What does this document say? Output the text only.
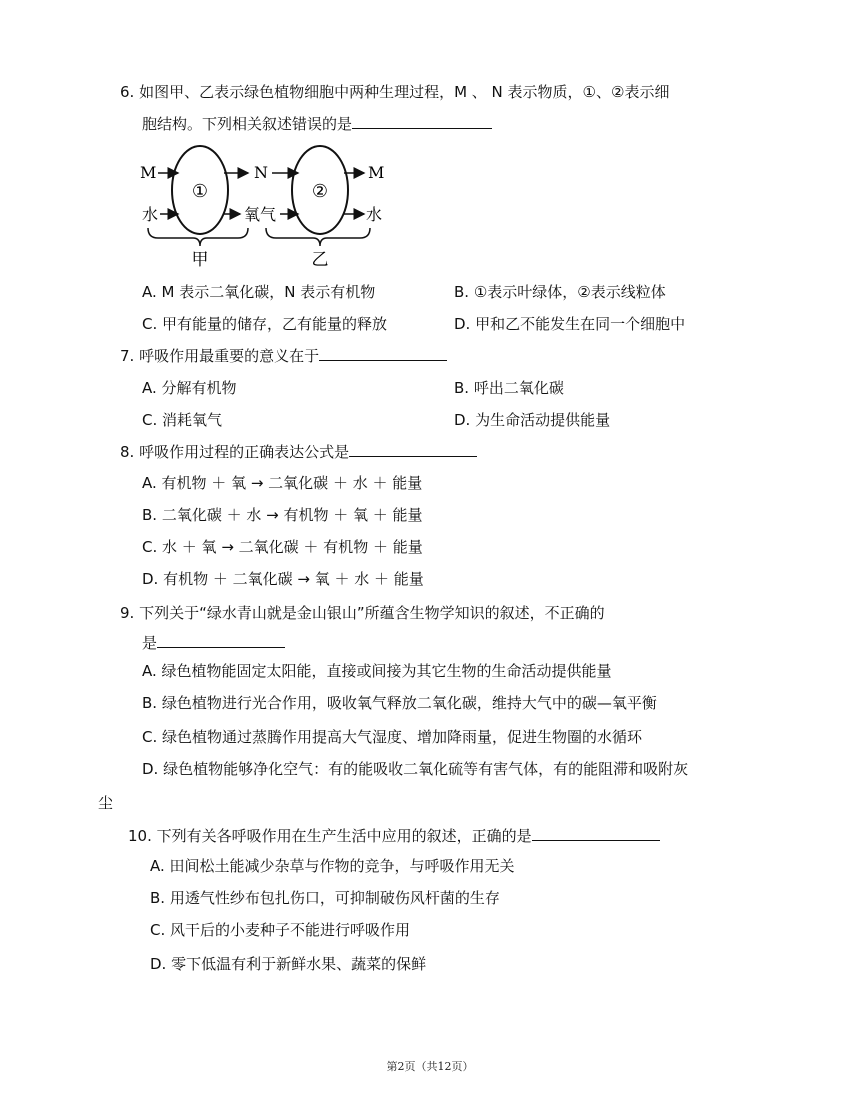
6. 如图甲、乙表示绿色植物细胞中两种生理过程，M 、 N 表示物质，①、②表示细
胞结构。下列相关叙述错误的是
①	②
M
水
N
氧气
M
水
甲	乙
A. M 表示二氧化碳，N 表示有机物	B. ①表示叶绿体，②表示线粒体
C. 甲有能量的储存，乙有能量的释放	D. 甲和乙不能发生在同一个细胞中
7. 呼吸作用最重要的意义在于
A. 分解有机物	B. 呼出二氧化碳
C. 消耗氧气	D. 为生命活动提供能量
8. 呼吸作用过程的正确表达公式是
A. 有机物 ＋ 氧 → 二氧化碳 ＋ 水 ＋ 能量
B. 二氧化碳 ＋ 水 → 有机物 ＋ 氧 ＋ 能量
C. 水 ＋ 氧 → 二氧化碳 ＋ 有机物 ＋ 能量
D. 有机物 ＋ 二氧化碳 → 氧 ＋ 水 ＋ 能量
9. 下列关于“绿水青山就是金山银山”所蕴含生物学知识的叙述，不正确的
是
A. 绿色植物能固定太阳能，直接或间接为其它生物的生命活动提供能量
B. 绿色植物进行光合作用，吸收氧气释放二氧化碳，维持大气中的碳—氧平衡
C. 绿色植物通过蒸腾作用提高大气湿度、增加降雨量，促进生物圈的水循环
D. 绿色植物能够净化空气：有的能吸收二氧化硫等有害气体，有的能阻滞和吸附灰
尘
10. 下列有关各呼吸作用在生产生活中应用的叙述，正确的是
A. 田间松土能减少杂草与作物的竞争，与呼吸作用无关
B. 用透气性纱布包扎伤口，可抑制破伤风杆菌的生存
C. 风干后的小麦种子不能进行呼吸作用
D. 零下低温有利于新鲜水果、蔬菜的保鲜
第2页（共12页）
